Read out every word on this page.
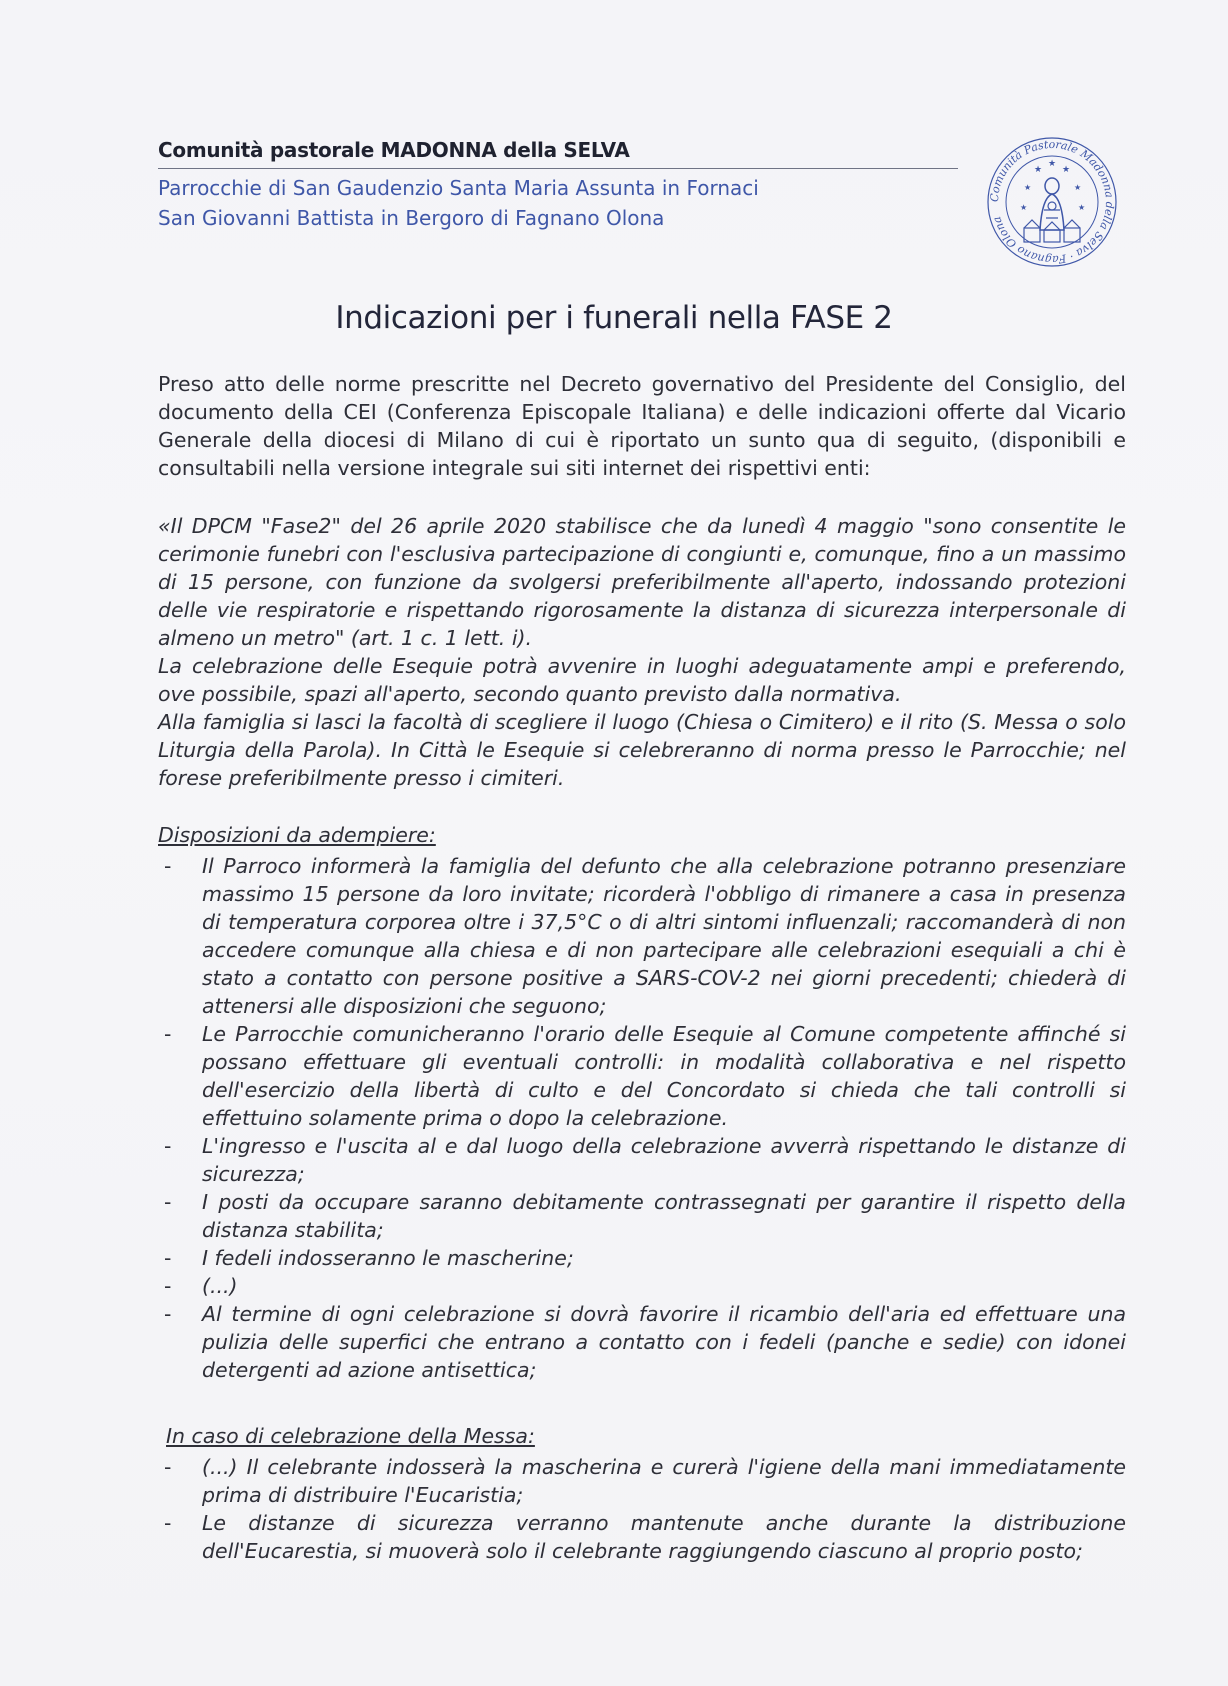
Comunità pastorale MADONNA della SELVA
Parrocchie di San Gaudenzio Santa Maria Assunta in Fornaci
San Giovanni Battista in Bergoro di Fagnano Olona
Comunità Pastorale Madonna della Selva · Fagnano Olona
★
★
★
★	★
★	★
Indicazioni per i funerali nella FASE 2
Preso atto delle norme prescritte nel Decreto governativo del Presidente del Consiglio, del documento della CEI (Conferenza Episcopale Italiana) e delle indicazioni offerte dal Vicario Generale della diocesi di Milano di cui è riportato un sunto qua di seguito, (disponibili e consultabili nella versione integrale sui siti internet dei rispettivi enti:

«Il DPCM "Fase2" del 26 aprile 2020 stabilisce che da lunedì 4 maggio "sono consentite le cerimonie funebri con l'esclusiva partecipazione di congiunti e, comunque, fino a un massimo di 15 persone, con funzione da svolgersi preferibilmente all'aperto, indossando protezioni delle vie respiratorie e rispettando rigorosamente la distanza di sicurezza interpersonale di almeno un metro" (art. 1 c. 1 lett. i).

La celebrazione delle Esequie potrà avvenire in luoghi adeguatamente ampi e preferendo, ove possibile, spazi all'aperto, secondo quanto previsto dalla normativa.

Alla famiglia si lasci la facoltà di scegliere il luogo (Chiesa o Cimitero) e il rito (S. Messa o solo Liturgia della Parola). In Città le Esequie si celebreranno di norma presso le Parrocchie; nel forese preferibilmente presso i cimiteri.

Disposizioni da adempiere:
- Il Parroco informerà la famiglia del defunto che alla celebrazione potranno presenziare massimo 15 persone da loro invitate; ricorderà l'obbligo di rimanere a casa in presenza di temperatura corporea oltre i 37,5°C o di altri sintomi influenzali; raccomanderà di non accedere comunque alla chiesa e di non partecipare alle celebrazioni esequiali a chi è stato a contatto con persone positive a SARS-COV-2 nei giorni precedenti; chiederà di attenersi alle disposizioni che seguono;
- Le Parrocchie comunicheranno l'orario delle Esequie al Comune competente affinché si possano effettuare gli eventuali controlli: in modalità collaborativa e nel rispetto dell'esercizio della libertà di culto e del Concordato si chieda che tali controlli si effettuino solamente prima o dopo la celebrazione.
- L'ingresso e l'uscita al e dal luogo della celebrazione avverrà rispettando le distanze di sicurezza;
- I posti da occupare saranno debitamente contrassegnati per garantire il rispetto della distanza stabilita;
- I fedeli indosseranno le mascherine;
- (...)
- Al termine di ogni celebrazione si dovrà favorire il ricambio dell'aria ed effettuare una pulizia delle superfici che entrano a contatto con i fedeli (panche e sedie) con idonei detergenti ad azione antisettica;
In caso di celebrazione della Messa:
- (...) Il celebrante indosserà la mascherina e curerà l'igiene della mani immediatamente prima di distribuire l'Eucaristia;
- Le distanze di sicurezza verranno mantenute anche durante la distribuzione dell'Eucarestia, si muoverà solo il celebrante raggiungendo ciascuno al proprio posto;
